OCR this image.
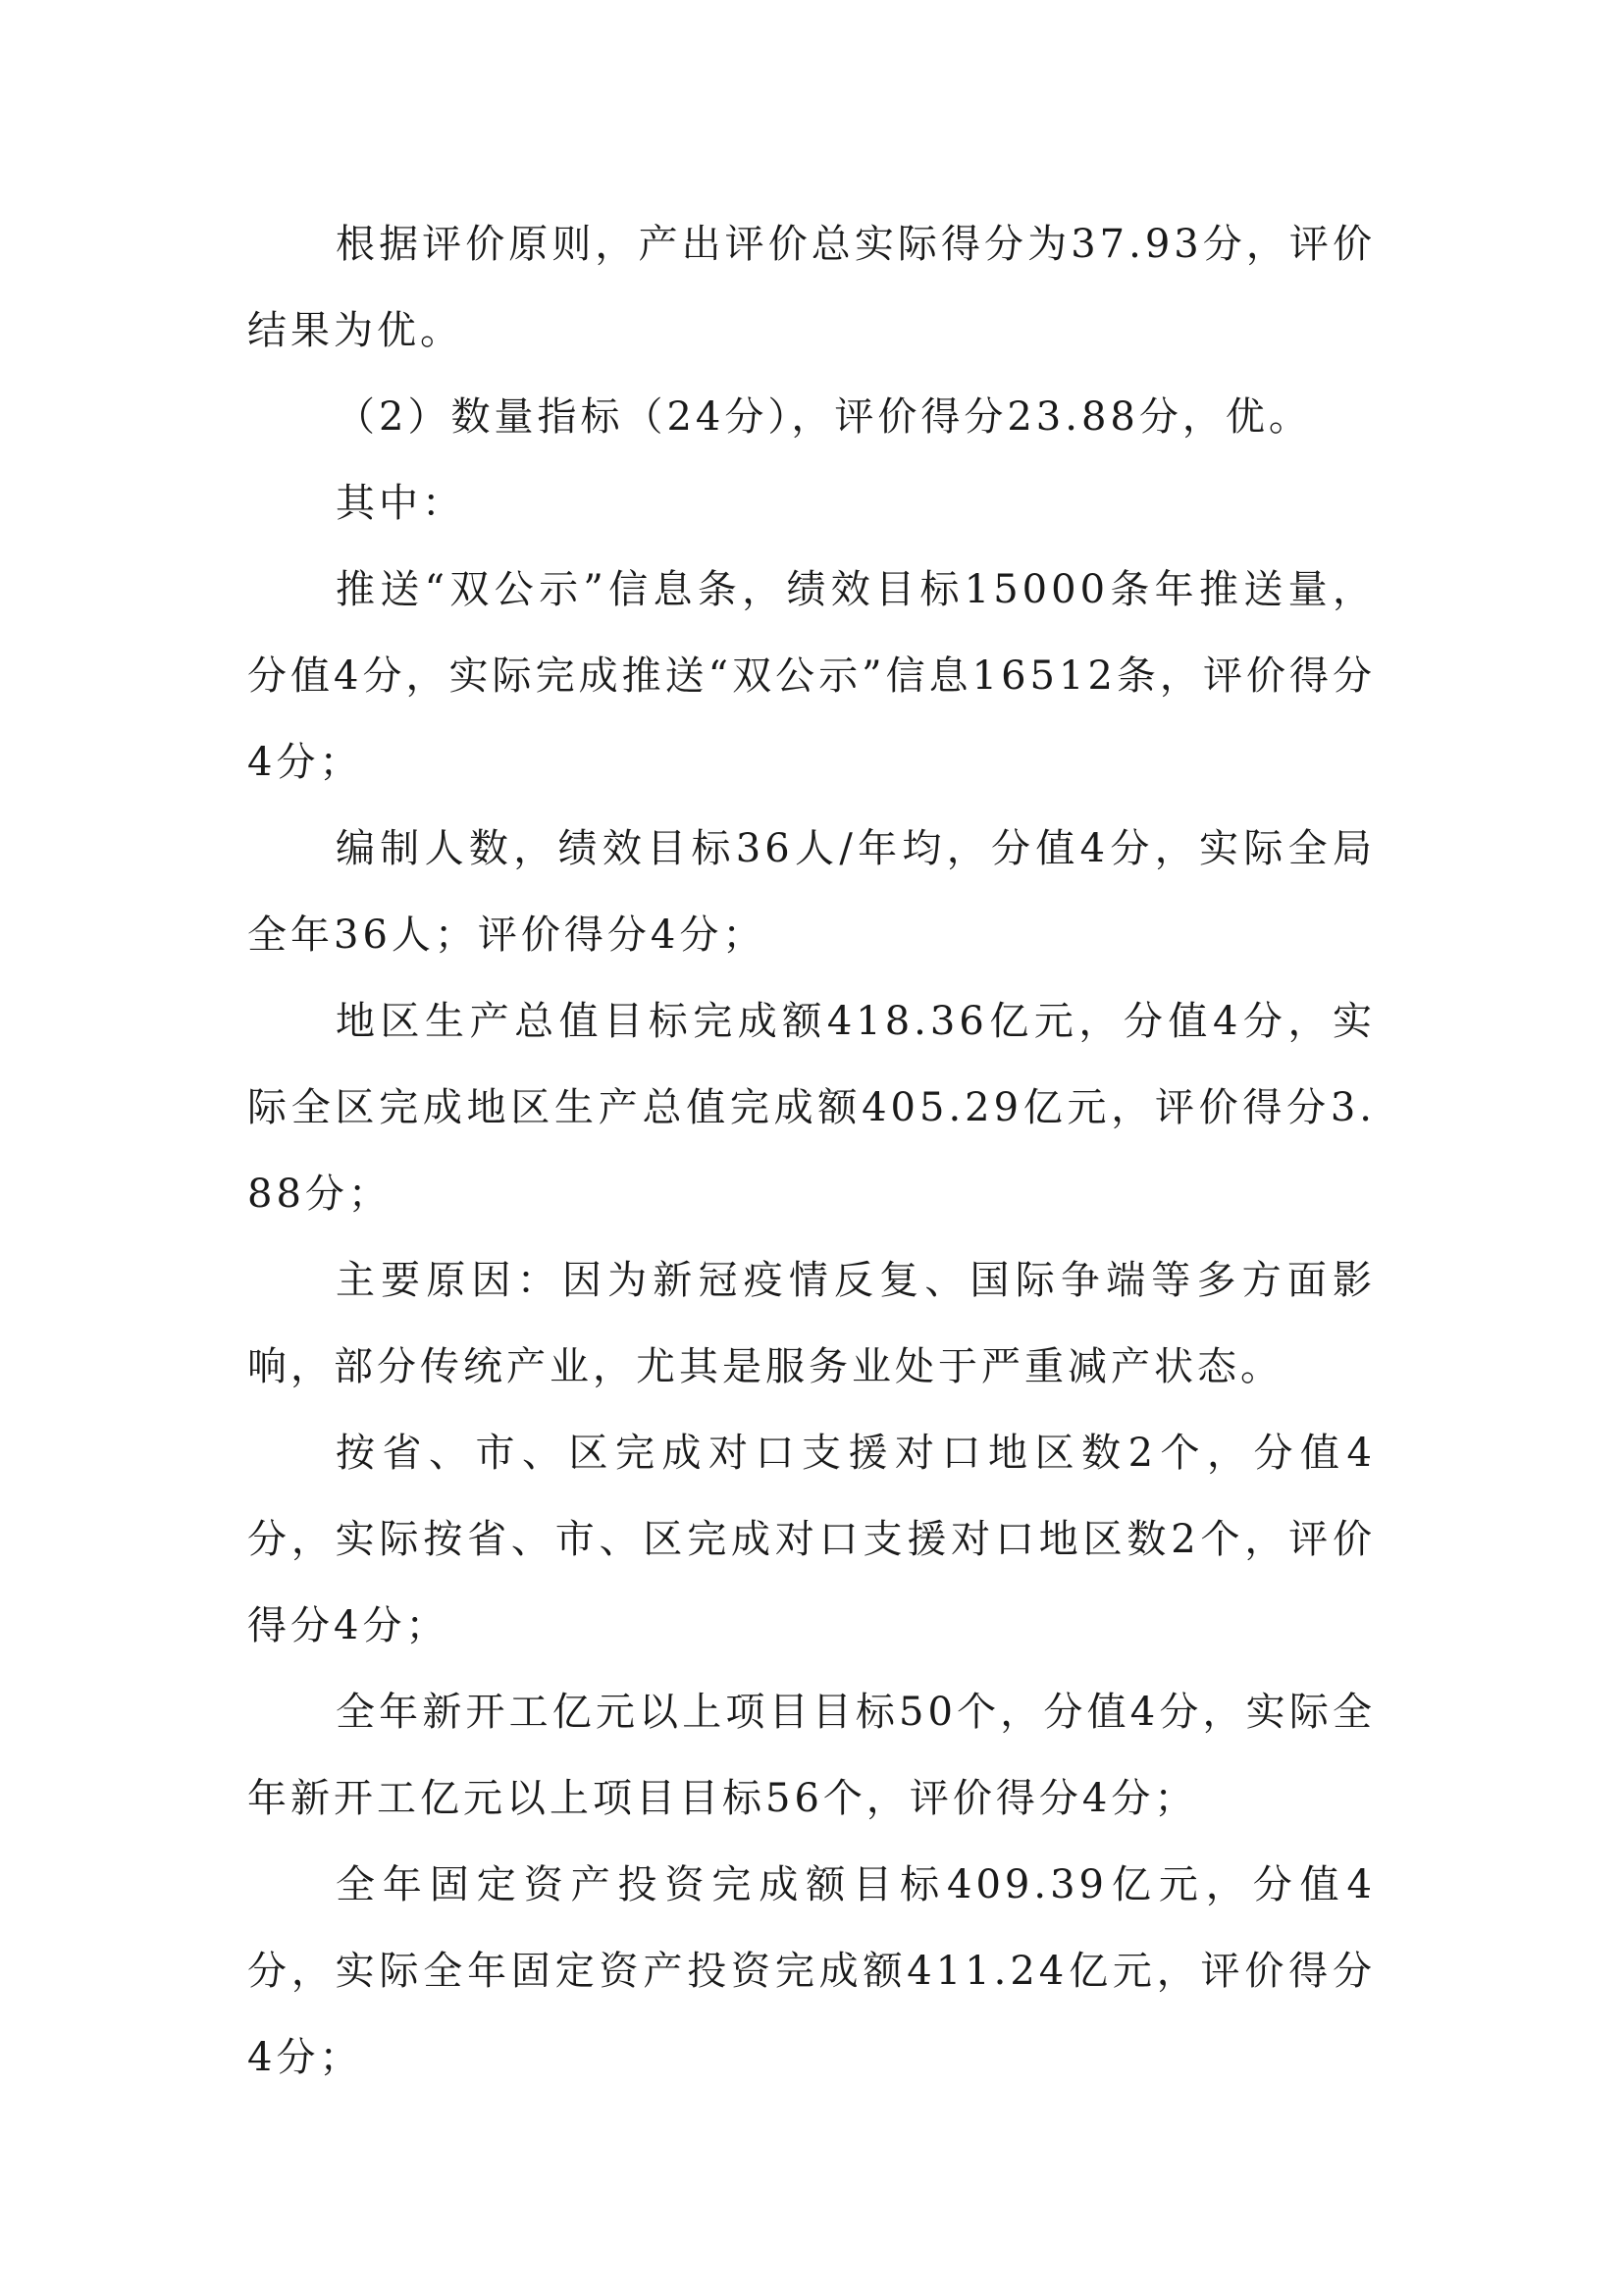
根据评价原则，产出评价总实际得分为37.93分，评价结果为优。

（2）数量指标（24分），评价得分23.88分，优。

其中：

推送“双公示”信息条，绩效目标15000条年推送量，分值4分，实际完成推送“双公示”信息16512条，评价得分4分；

编制人数，绩效目标36人/年均，分值4分，实际全局全年36人；评价得分4分；

地区生产总值目标完成额418.36亿元，分值4分，实际全区完成地区生产总值完成额405.29亿元，评价得分3.88分；

主要原因：因为新冠疫情反复、国际争端等多方面影响，部分传统产业，尤其是服务业处于严重减产状态。

按省、市、区完成对口支援对口地区数2个，分值4分，实际按省、市、区完成对口支援对口地区数2个，评价得分4分；

全年新开工亿元以上项目目标50个，分值4分，实际全年新开工亿元以上项目目标56个，评价得分4分；

全年固定资产投资完成额目标409.39亿元，分值4分，实际全年固定资产投资完成额411.24亿元，评价得分4分；
